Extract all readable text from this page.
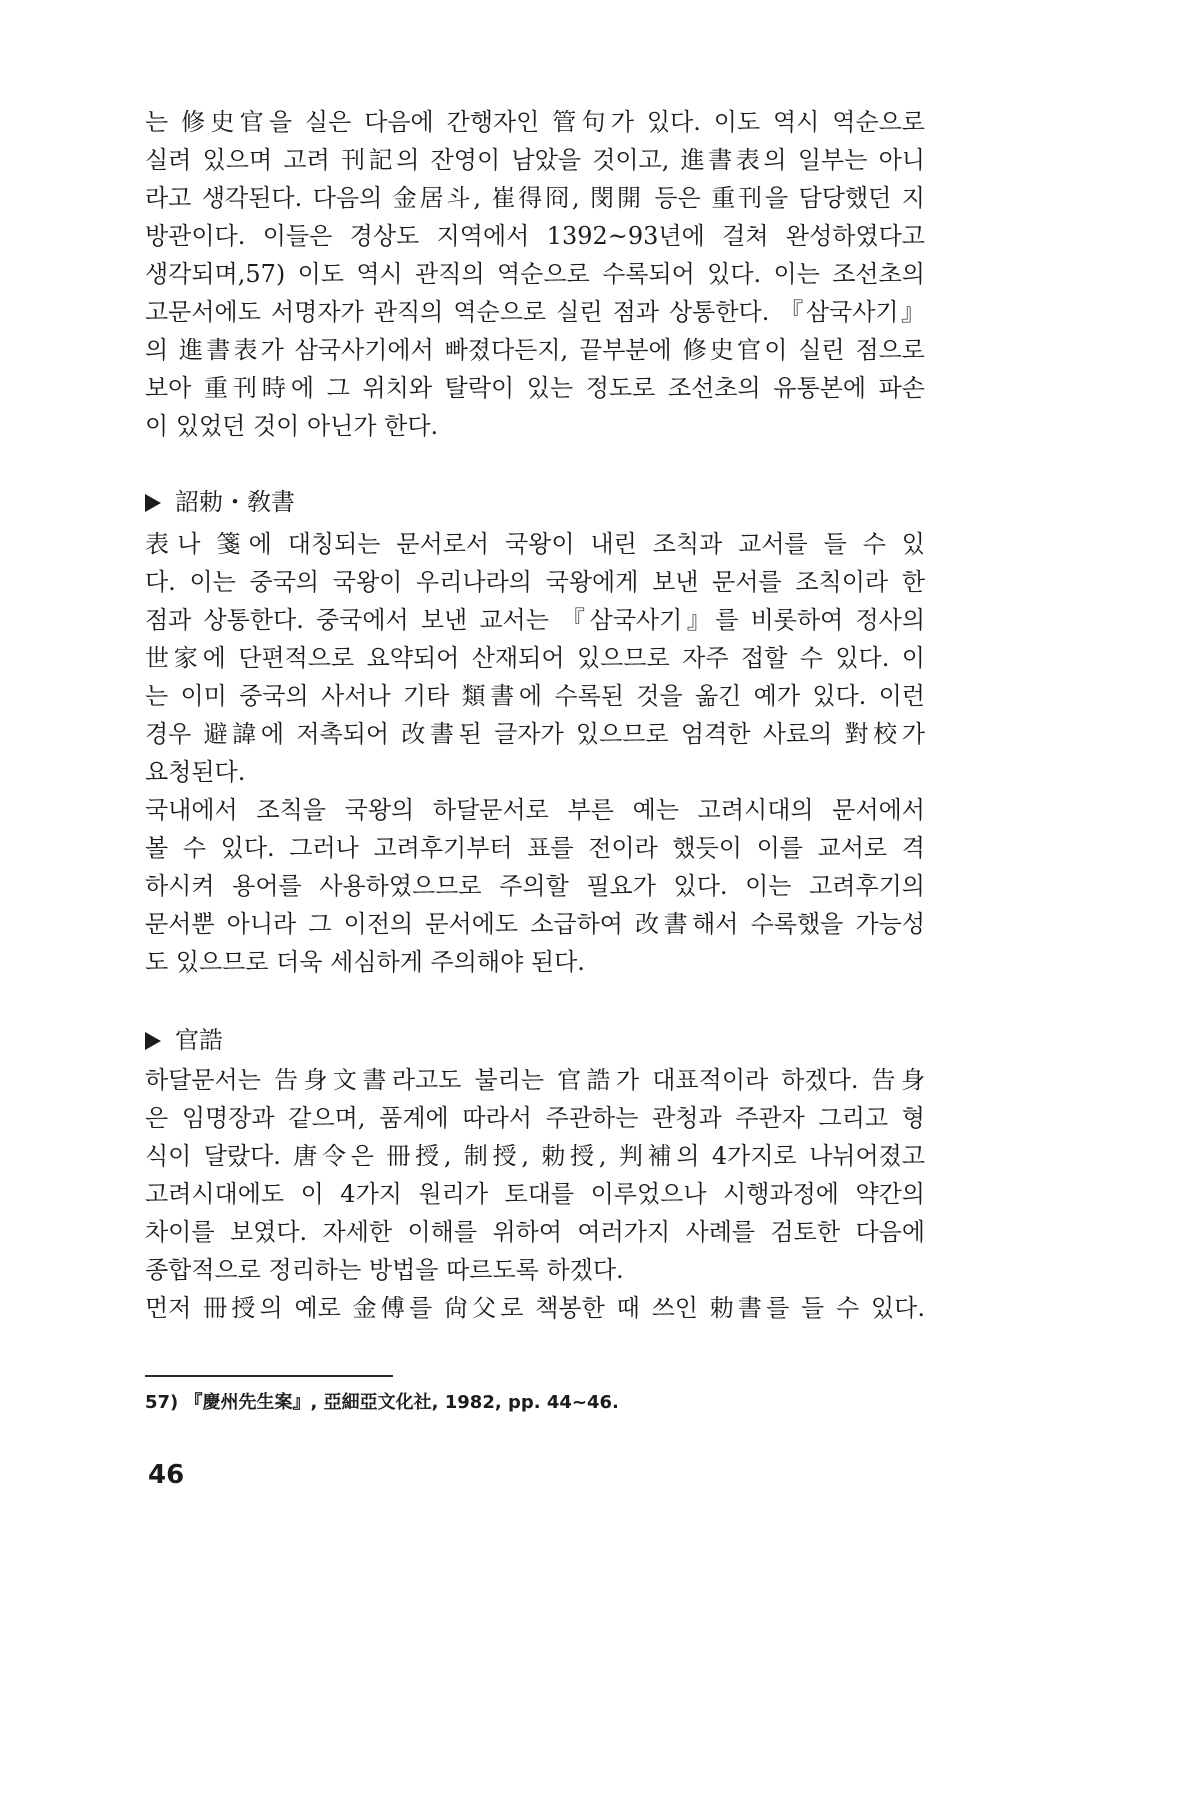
는 修史官을 실은 다음에 간행자인 管句가 있다. 이도 역시 역순으로
실려 있으며 고려 刊記의 잔영이 남았을 것이고, 進書表의 일부는 아니
라고 생각된다. 다음의 金居斗, 崔得冏, 閔開 등은 重刊을 담당했던 지
방관이다. 이들은 경상도 지역에서 1392~93년에 걸쳐 완성하였다고
생각되며,57) 이도 역시 관직의 역순으로 수록되어 있다. 이는 조선초의
고문서에도 서명자가 관직의 역순으로 실린 점과 상통한다. 『삼국사기』
의 進書表가 삼국사기에서 빠졌다든지, 끝부분에 修史官이 실린 점으로
보아 重刊時에 그 위치와 탈락이 있는 정도로 조선초의 유통본에 파손
이 있었던 것이 아닌가 한다.
詔勅・敎書
表나 箋에 대칭되는 문서로서 국왕이 내린 조칙과 교서를 들 수 있
다. 이는 중국의 국왕이 우리나라의 국왕에게 보낸 문서를 조칙이라 한
점과 상통한다. 중국에서 보낸 교서는 『삼국사기』를 비롯하여 정사의
世家에 단편적으로 요약되어 산재되어 있으므로 자주 접할 수 있다. 이
는 이미 중국의 사서나 기타 類書에 수록된 것을 옮긴 예가 있다. 이런
경우 避諱에 저촉되어 改書된 글자가 있으므로 엄격한 사료의 對校가
요청된다.
국내에서 조칙을 국왕의 하달문서로 부른 예는 고려시대의 문서에서
볼 수 있다. 그러나 고려후기부터 표를 전이라 했듯이 이를 교서로 격
하시켜 용어를 사용하였으므로 주의할 필요가 있다. 이는 고려후기의
문서뿐 아니라 그 이전의 문서에도 소급하여 改書해서 수록했을 가능성
도 있으므로 더욱 세심하게 주의해야 된다.
官誥
하달문서는 告身文書라고도 불리는 官誥가 대표적이라 하겠다. 告身
은 임명장과 같으며, 품계에 따라서 주관하는 관청과 주관자 그리고 형
식이 달랐다. 唐令은 冊授, 制授, 勅授, 判補의 4가지로 나뉘어졌고
고려시대에도 이 4가지 원리가 토대를 이루었으나 시행과정에 약간의
차이를 보였다. 자세한 이해를 위하여 여러가지 사례를 검토한 다음에
종합적으로 정리하는 방법을 따르도록 하겠다.
먼저 冊授의 예로 金傅를 尙父로 책봉한 때 쓰인 勅書를 들 수 있다.
57) 『慶州先生案』, 亞細亞文化社, 1982, pp. 44~46.
46
